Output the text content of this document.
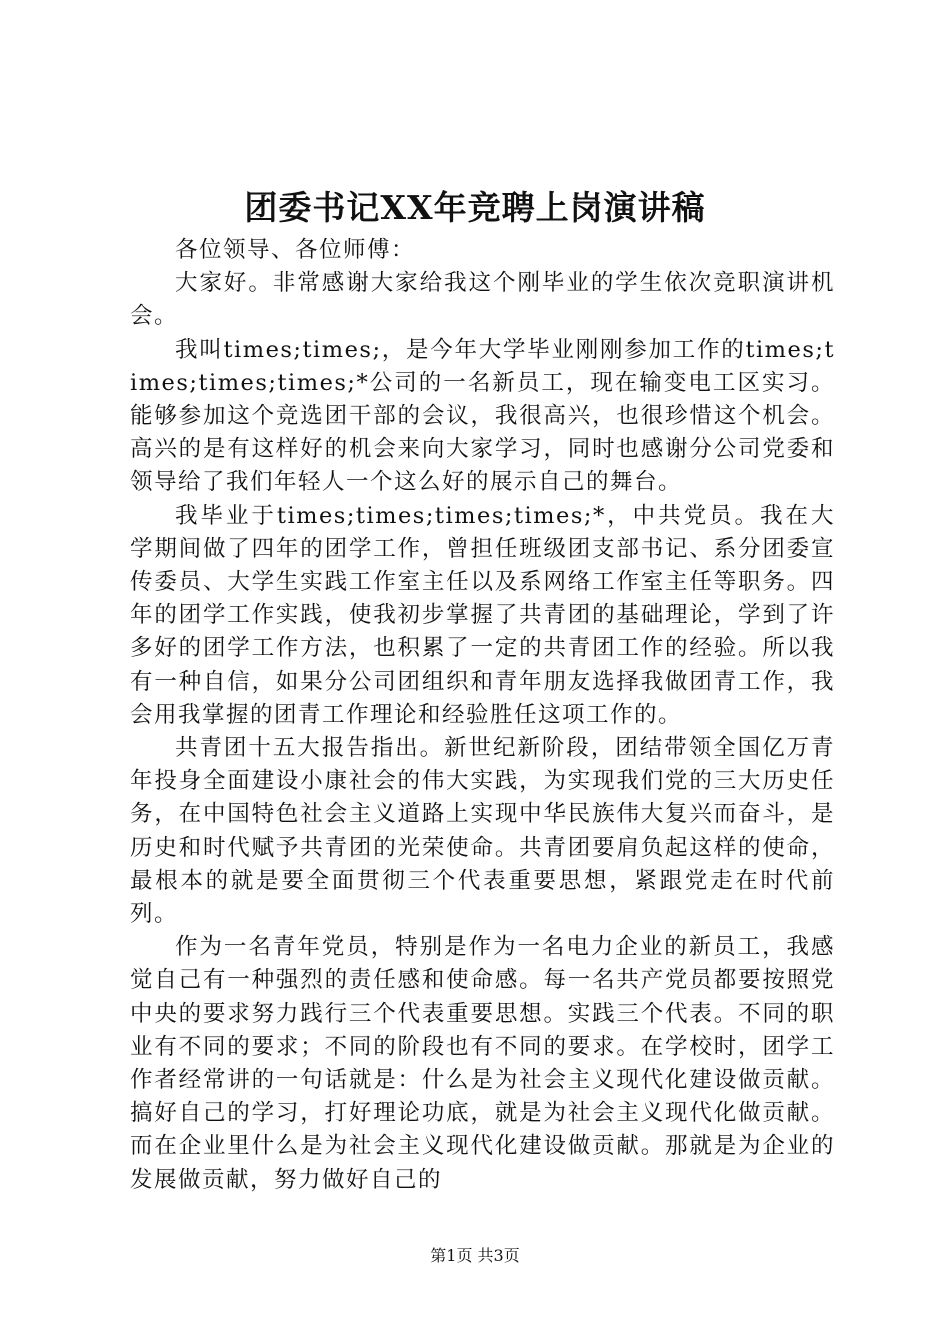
团委书记XX年竞聘上岗演讲稿

各位领导、各位师傅：

大家好。非常感谢大家给我这个刚毕业的学生依次竞职演讲机会。

我叫times;times;，是今年大学毕业刚刚参加工作的times;times;times;times;*公司的一名新员工，现在输变电工区实习。能够参加这个竞选团干部的会议，我很高兴，也很珍惜这个机会。高兴的是有这样好的机会来向大家学习，同时也感谢分公司党委和领导给了我们年轻人一个这么好的展示自己的舞台。

我毕业于times;times;times;times;*，中共党员。我在大学期间做了四年的团学工作，曾担任班级团支部书记、系分团委宣传委员、大学生实践工作室主任以及系网络工作室主任等职务。四年的团学工作实践，使我初步掌握了共青团的基础理论，学到了许多好的团学工作方法，也积累了一定的共青团工作的经验。所以我有一种自信，如果分公司团组织和青年朋友选择我做团青工作，我会用我掌握的团青工作理论和经验胜任这项工作的。

共青团十五大报告指出。新世纪新阶段，团结带领全国亿万青年投身全面建设小康社会的伟大实践，为实现我们党的三大历史任务，在中国特色社会主义道路上实现中华民族伟大复兴而奋斗，是历史和时代赋予共青团的光荣使命。共青团要肩负起这样的使命，最根本的就是要全面贯彻三个代表重要思想，紧跟党走在时代前列。

作为一名青年党员，特别是作为一名电力企业的新员工，我感觉自己有一种强烈的责任感和使命感。每一名共产党员都要按照党中央的要求努力践行三个代表重要思想。实践三个代表。不同的职业有不同的要求；不同的阶段也有不同的要求。在学校时，团学工作者经常讲的一句话就是：什么是为社会主义现代化建设做贡献。搞好自己的学习，打好理论功底，就是为社会主义现代化做贡献。而在企业里什么是为社会主义现代化建设做贡献。那就是为企业的发展做贡献，努力做好自己的

第1页 共3页
